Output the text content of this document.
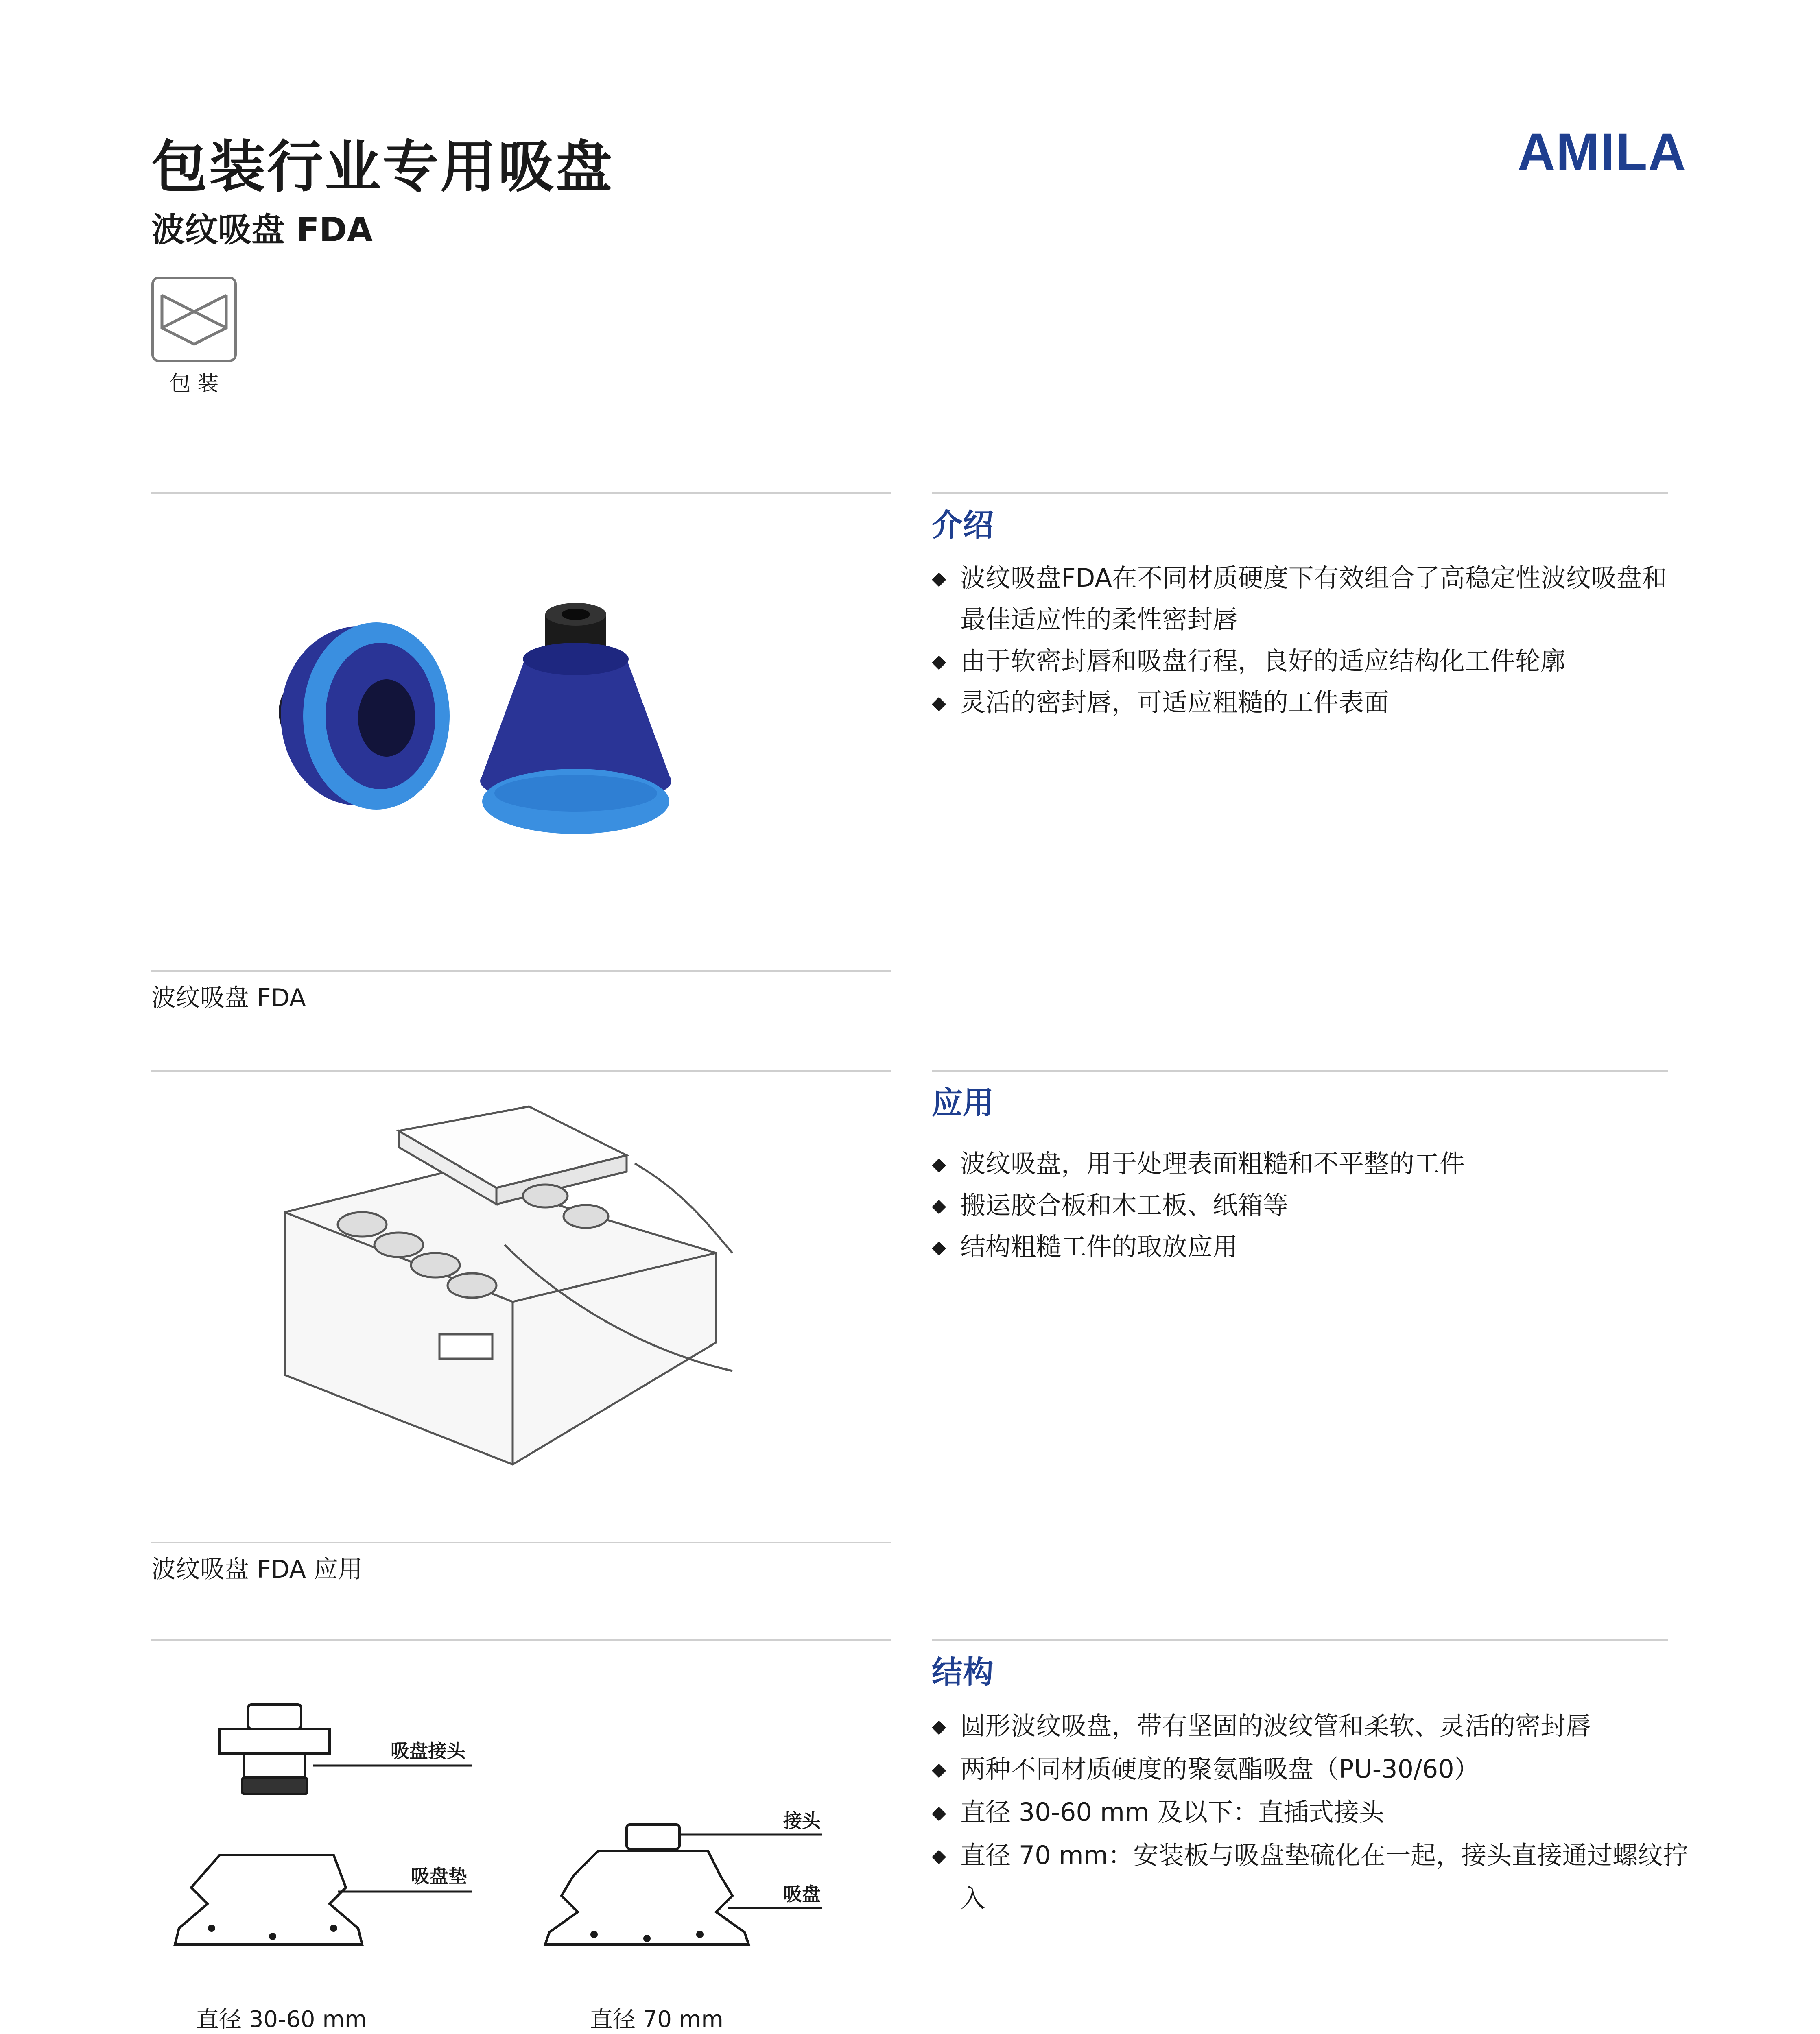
包装行业专用吸盘
波纹吸盘 FDA
AMILA
包 装
介绍
◆ 波纹吸盘FDA在不同材质硬度下有效组合了高稳定性波纹吸盘和
最佳适应性的柔性密封唇
◆ 由于软密封唇和吸盘行程，良好的适应结构化工件轮廓
◆ 灵活的密封唇，可适应粗糙的工件表面
波纹吸盘 FDA
应用
◆ 波纹吸盘，用于处理表面粗糙和不平整的工件
◆ 搬运胶合板和木工板、纸箱等
◆ 结构粗糙工件的取放应用
波纹吸盘 FDA 应用
结构
◆ 圆形波纹吸盘，带有坚固的波纹管和柔软、灵活的密封唇
◆ 两种不同材质硬度的聚氨酯吸盘（PU-30/60）
◆ 直径 30-60 mm 及以下：直插式接头
◆ 直径 70 mm：安装板与吸盘垫硫化在一起，接头直接通过螺纹拧入
吸盘接头
吸盘垫
接头
吸盘
直径 30-60 mm	直径 70 mm
